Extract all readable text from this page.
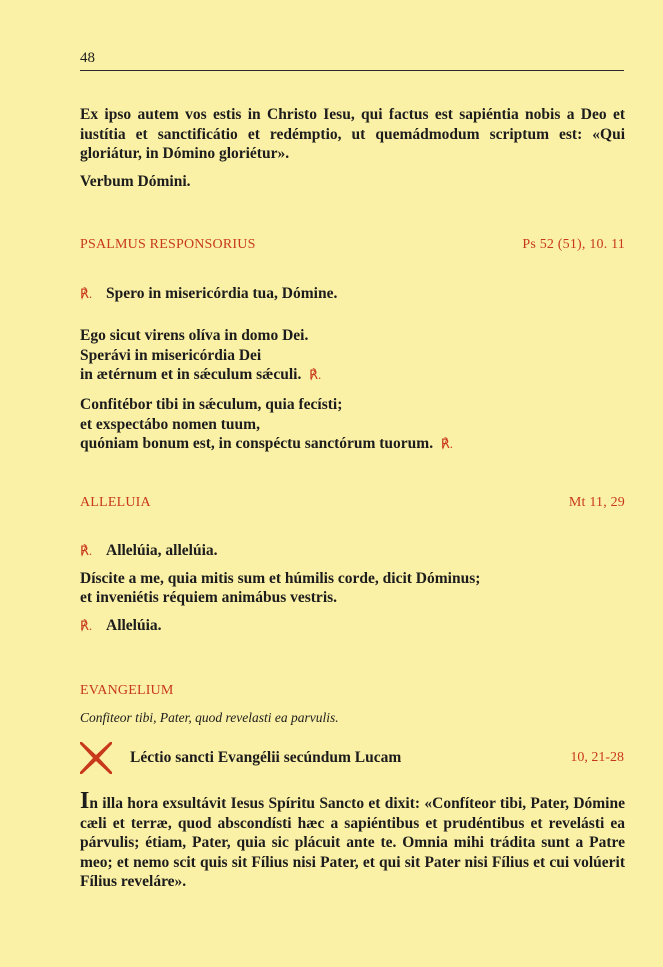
48

Ex ipso autem vos estis in Christo Iesu, qui factus est sapiéntia nobis a Deo et iustítia et sanctificátio et redémptio, ut quemádmodum scriptum est: «Qui gloriátur, in Dómino gloriétur».

Verbum Dómini.

PSALMUS RESPONSORIUS	Ps 52 (51), 10. 11
℟. Spero in misericórdia tua, Dómine.
Ego sicut virens olíva in domo Dei.
Sperávi in misericórdia Dei
in ætérnum et in sǽculum sǽculi. ℟.
Confitébor tibi in sǽculum, quia fecísti;
et exspectábo nomen tuum,
quóniam bonum est, in conspéctu sanctórum tuorum. ℟.
ALLELUIA	Mt 11, 29
℟. Allelúia, allelúia.
Díscite a me, quia mitis sum et húmilis corde, dicit Dóminus;
et inveniétis réquiem animábus vestris.
℟. Allelúia.
EVANGELIUM
Confiteor tibi, Pater, quod revelasti ea parvulis.
Léctio sancti Evangélii secúndum Lucam	10, 21-28

In illa hora exsultávit Iesus Spíritu Sancto et dixit: «Confíteor tibi, Pater, Dómine cæli et terræ, quod abscondísti hæc a sapiéntibus et prudéntibus et revelásti ea párvulis; étiam, Pater, quia sic plácuit ante te. Omnia mihi trádita sunt a Patre meo; et nemo scit quis sit Fílius nisi Pater, et qui sit Pater nisi Fílius et cui volúerit Fílius reveláre».
